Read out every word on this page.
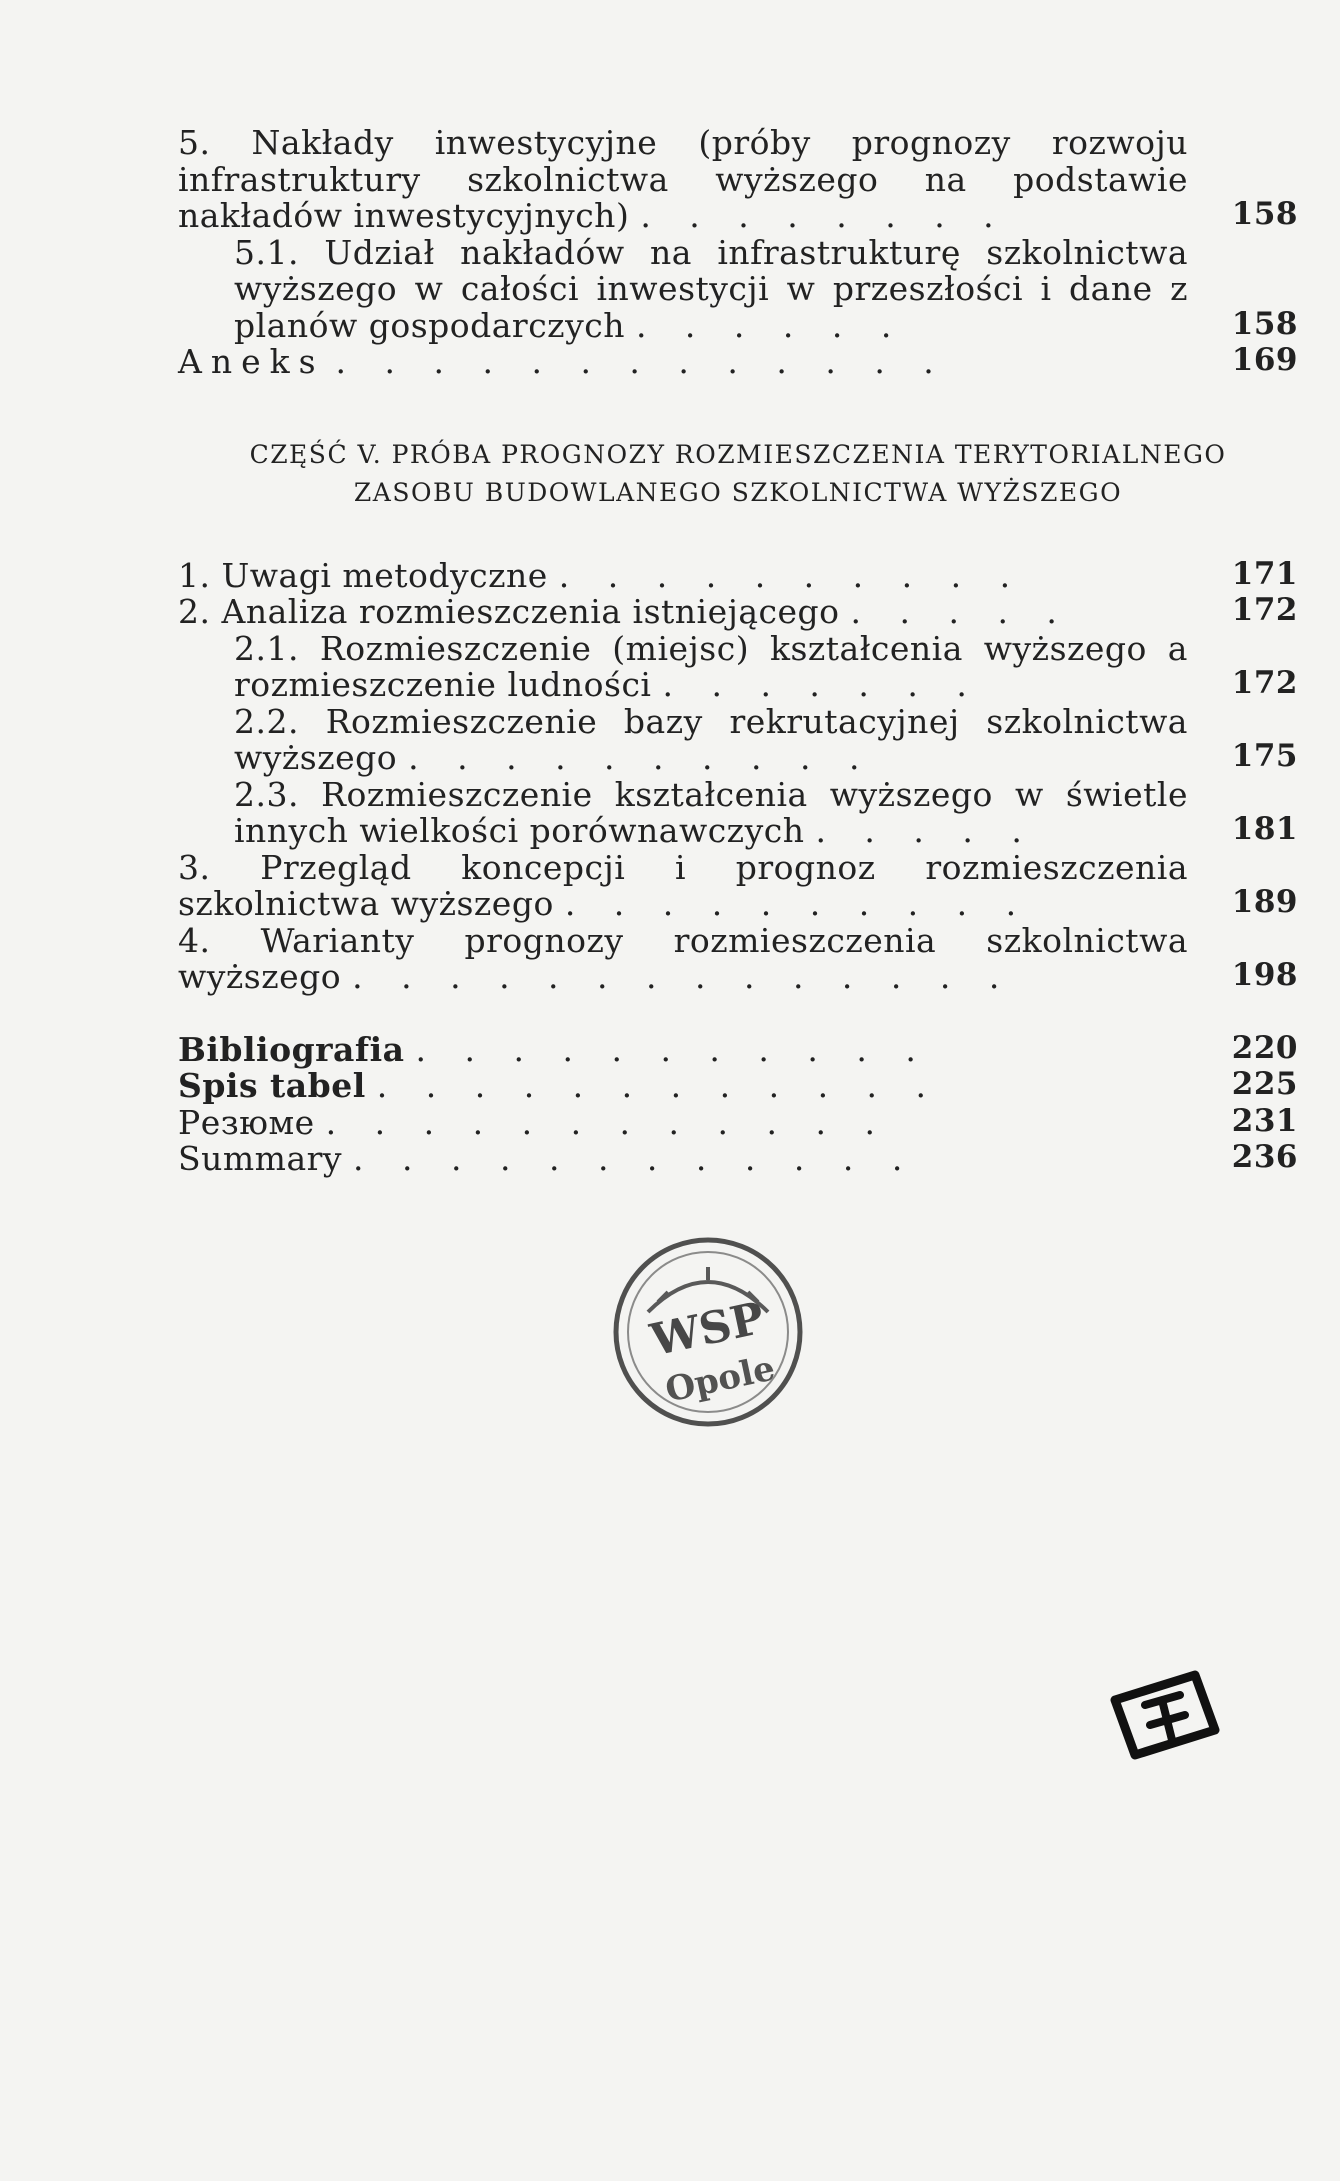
5. Nakłady inwestycyjne (próby prognozy rozwoju infrastruktury szkolnictwa wyższego na podstawie nakładów inwestycyjnych) . . . . . . . .	158
5.1. Udział nakładów na infrastrukturę szkolnictwa wyższego w całości inwestycji w przeszłości i dane z planów gospodarczych . . . . . .	158
Aneks . . . . . . . . . . . . .	169
CZĘŚĆ V. PRÓBA PROGNOZY ROZMIESZCZENIA TERYTORIALNEGO
ZASOBU BUDOWLANEGO SZKOLNICTWA WYŻSZEGO
1. Uwagi metodyczne . . . . . . . . . .	171
2. Analiza rozmieszczenia istniejącego . . . . .	172
2.1. Rozmieszczenie (miejsc) kształcenia wyższego a rozmieszczenie ludności . . . . . . .	172
2.2. Rozmieszczenie bazy rekrutacyjnej szkolnictwa wyższego . . . . . . . . . .	175
2.3. Rozmieszczenie kształcenia wyższego w świetle innych wielkości porównawczych . . . . .	181
3. Przegląd koncepcji i prognoz rozmieszczenia szkolnictwa wyższego . . . . . . . . . .	189
4. Warianty prognozy rozmieszczenia szkolnictwa wyższego . . . . . . . . . . . . . .	198
Bibliografia . . . . . . . . . . .	220
Spis tabel . . . . . . . . . . . .	225
Резюме . . . . . . . . . . . .	231
Summary . . . . . . . . . . . .	236
WSP
Opole
